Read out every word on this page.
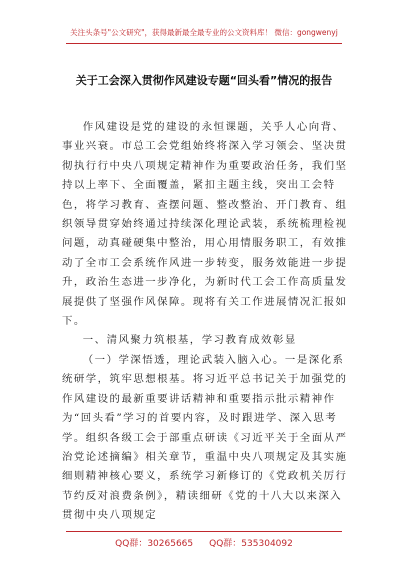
关注头条号"公文研究"，获得最新最全最专业的公文资料库！ 微信：gongwenyj
关于工会深入贯彻作风建设专题“回头看”情况的报告

作风建设是党的建设的永恒课题，关乎人心向背、事业兴衰。市总工会党组始终将深入学习领会、坚决贯彻执行行中央八项规定精神作为重要政治任务，我们坚持以上率下、全面覆盖，紧扣主题主线，突出工会特色，将学习教育、查摆问题、整改整治、开门教育、组织领导贯穿始终通过持续深化理论武装，系统梳理检视问题，动真碰硬集中整治，用心用情服务职工，有效推动了全市工会系统作风进一步转变，服务效能进一步提升，政治生态进一步净化，为新时代工会工作高质量发展提供了坚强作风保障。现将有关工作进展情况汇报如下。

一、清风聚力筑根基，学习教育成效彰显

（一）学深悟透，理论武装入脑入心。一是深化系统研学，筑牢思想根基。将习近平总书记关于加强党的作风建设的最新重要讲话精神和重要指示批示精神作为“回头看”学习的首要内容，及时跟进学、深入思考学。组织各级工会于部重点研读《习近平关于全面从严治党论述摘编》相关章节，重温中央八项规定及其实施细则精神核心要义，系统学习新修订的《党政机关厉行节约反对浪费条例》，精读细研《党的十八大以来深入贯彻中央八项规定

QQ群：30265665 QQ群：535304092
